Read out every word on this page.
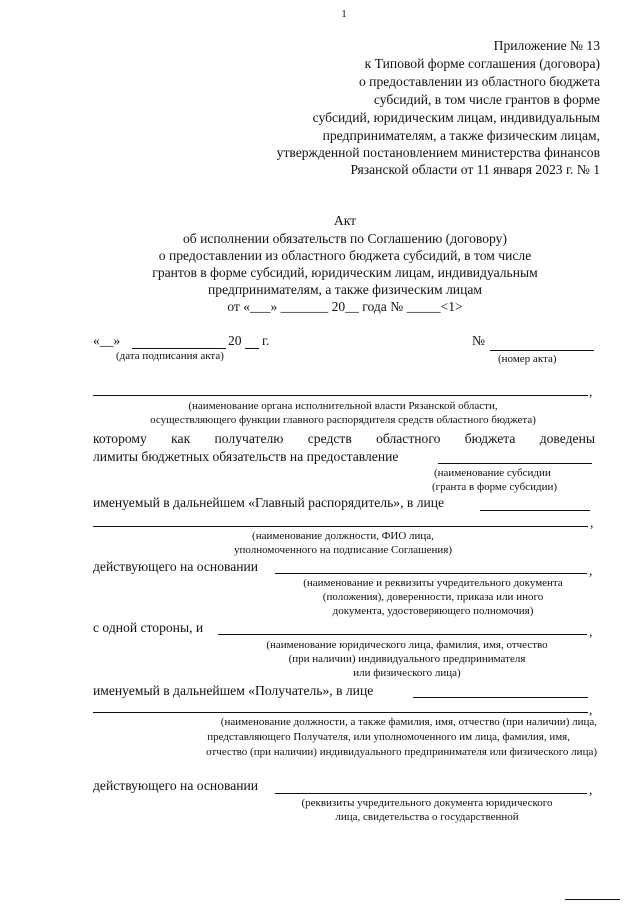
1
Приложение № 13
к Типовой форме соглашения (договора)
о предоставлении из областного бюджета
субсидий, в том числе грантов в форме
субсидий, юридическим лицам, индивидуальным
предпринимателям, а также физическим лицам,
утвержденной постановлением министерства финансов
Рязанской области от 11 января 2023 г. № 1
Акт
об исполнении обязательств по Соглашению (договору)
о предоставлении из областного бюджета субсидий, в том числе
грантов в форме субсидий, юридическим лицам, индивидуальным
предпринимателям, а также физическим лицам
от «___» _______ 20__ года № _____<1>
«__»	20 г.
(дата подписания акта)
№
(номер акта)
,
(наименование органа исполнительной власти Рязанской области,
осуществляющего функции главного распорядителя средств областного бюджета)
которому как получателю средств областного бюджета доведены
лимиты бюджетных обязательств на предоставление
(наименование субсидии
(гранта в форме субсидии)
именуемый в дальнейшем «Главный распорядитель», в лице
,
(наименование должности, ФИО лица,
уполномоченного на подписание Соглашения)
действующего на основании	,
(наименование и реквизиты учредительного документа
(положения), доверенности, приказа или иного
документа, удостоверяющего полномочия)
с одной стороны, и	,
(наименование юридического лица, фамилия, имя, отчество
(при наличии) индивидуального предпринимателя
или физического лица)
именуемый в дальнейшем «Получатель», в лице
,
(наименование должности, а также фамилия, имя, отчество (при наличии) лица,
представляющего Получателя, или уполномоченного им лица, фамилия, имя,
отчество (при наличии) индивидуального предпринимателя или физического лица)
действующего на основании	,
(реквизиты учредительного документа юридического
лица, свидетельства о государственной
